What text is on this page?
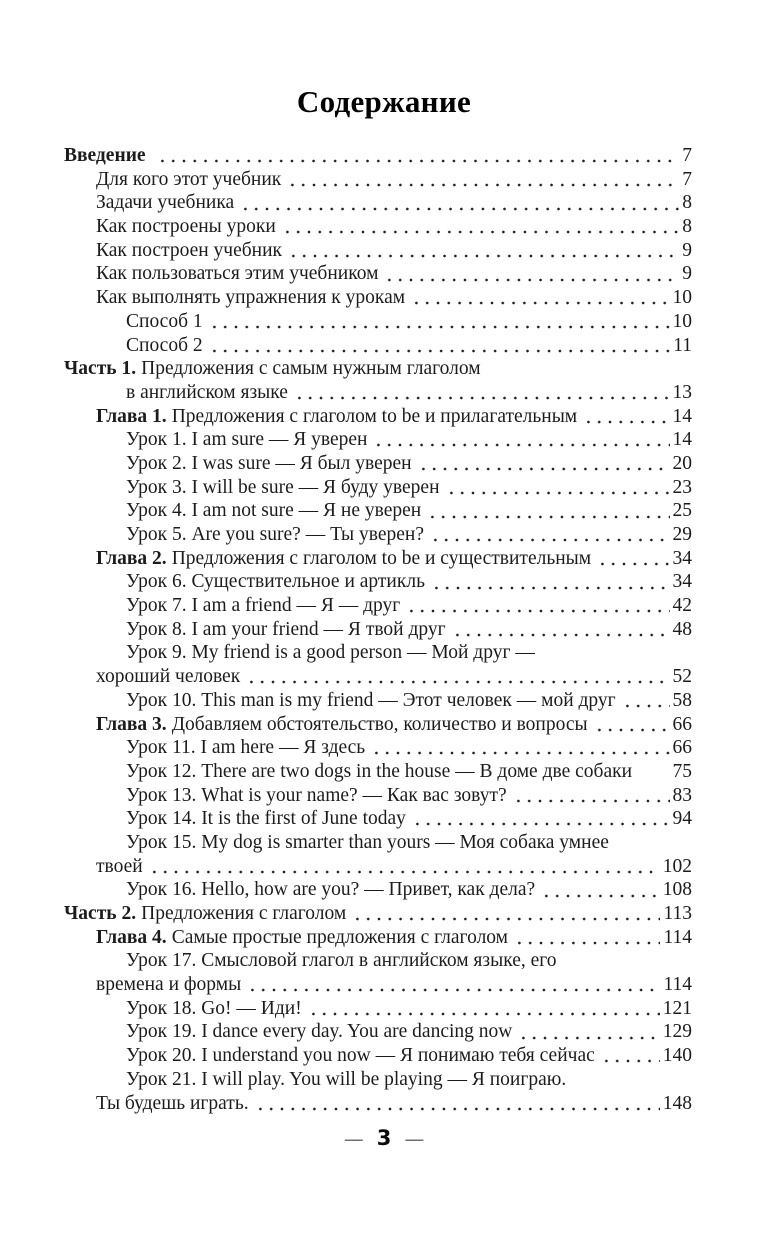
Содержание
Введение	7
Для кого этот учебник	7
Задачи учебника	8
Как построены уроки	8
Как построен учебник	9
Как пользоваться этим учебником	9
Как выполнять упражнения к урокам	10
Способ 1	10
Способ 2	11
Часть 1. Предложения с самым нужным глаголом
в английском языке	13
Глава 1. Предложения с глаголом to be и прилагательным	14
Урок 1. I am sure — Я уверен	14
Урок 2. I was sure — Я был уверен	20
Урок 3. I will be sure — Я буду уверен	23
Урок 4. I am not sure — Я не уверен	25
Урок 5. Are you sure? — Ты уверен?	29
Глава 2. Предложения с глаголом to be и существительным	34
Урок 6. Существительное и артикль	34
Урок 7. I am a friend — Я — друг	42
Урок 8. I am your friend — Я твой друг	48
Урок 9. My friend is a good person — Мой друг —
хороший человек	52
Урок 10. This man is my friend — Этот человек — мой друг	58
Глава 3. Добавляем обстоятельство, количество и вопросы	66
Урок 11. I am here — Я здесь	66
Урок 12. There are two dogs in the house — В доме две собаки 75
Урок 13. What is your name? — Как вас зовут?	83
Урок 14. It is the first of June today	94
Урок 15. My dog is smarter than yours — Моя собака умнее
твоей	102
Урок 16. Hello, how are you? — Привет, как дела?	108
Часть 2. Предложения с глаголом	113
Глава 4. Самые простые предложения с глаголом	114
Урок 17. Смысловой глагол в английском языке, его
времена и формы	114
Урок 18. Go! — Иди!	121
Урок 19. I dance every day. You are dancing now	129
Урок 20. I understand you now — Я понимаю тебя сейчас	140
Урок 21. I will play. You will be playing — Я поиграю.
Ты будешь играть.	148
— 3 —
